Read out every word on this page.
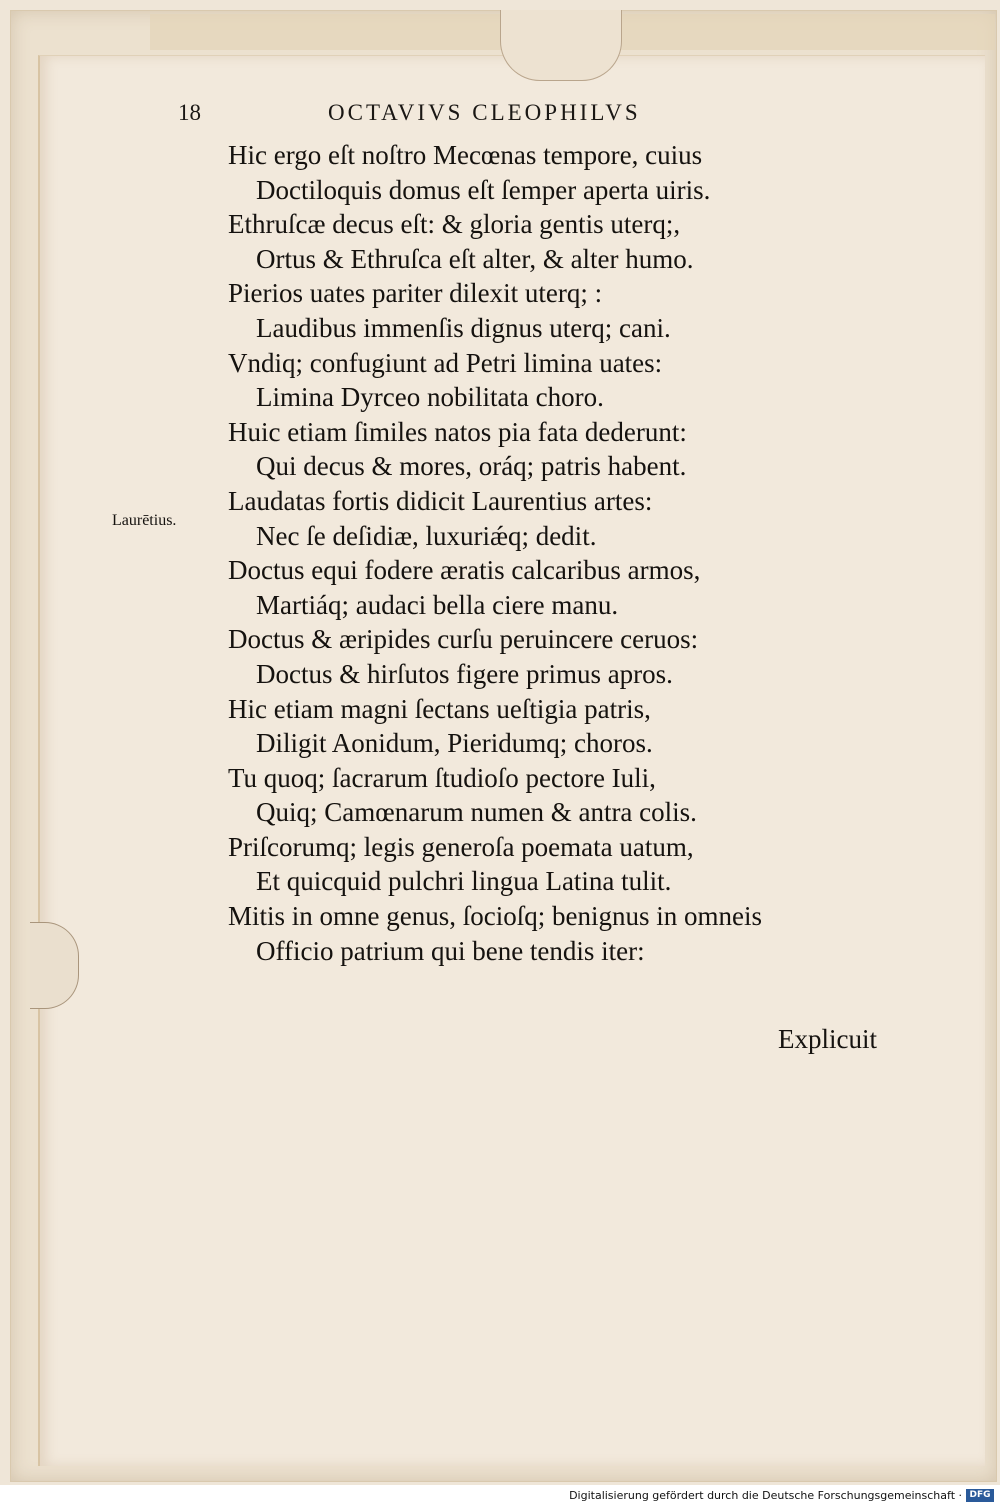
18	OCTAVIVS CLEOPHILVS
Laurētius.
Hic ergo eſt noſtro Mecœnas tempore, cuius
Doctiloquis domus eſt ſemper aperta uiris.
Ethruſcæ decus eſt: & gloria gentis uterq;,
Ortus & Ethruſca eſt alter, & alter humo.
Pierios uates pariter dilexit uterq; :
Laudibus immenſis dignus uterq; cani.
Vndiq; confugiunt ad Petri limina uates:
Limina Dyrceo nobilitata choro.
Huic etiam ſimiles natos pia fata dederunt:
Qui decus & mores, oráq; patris habent.
Laudatas fortis didicit Laurentius artes:
Nec ſe deſidiæ, luxuriǽq; dedit.
Doctus equi fodere æratis calcaribus armos,
Martiáq; audaci bella ciere manu.
Doctus & æripides curſu peruincere ceruos:
Doctus & hirſutos figere primus apros.
Hic etiam magni ſectans ueſtigia patris,
Diligit Aonidum, Pieridumq; choros.
Tu quoq; ſacrarum ſtudioſo pectore Iuli,
Quiq; Camœnarum numen & antra colis.
Priſcorumq; legis generoſa poemata uatum,
Et quicquid pulchri lingua Latina tulit.
Mitis in omne genus, ſocioſq; benignus in omneis
Officio patrium qui bene tendis iter:
Explicuit
Digitalisierung gefördert durch die Deutsche Forschungsgemeinschaft · DFG
